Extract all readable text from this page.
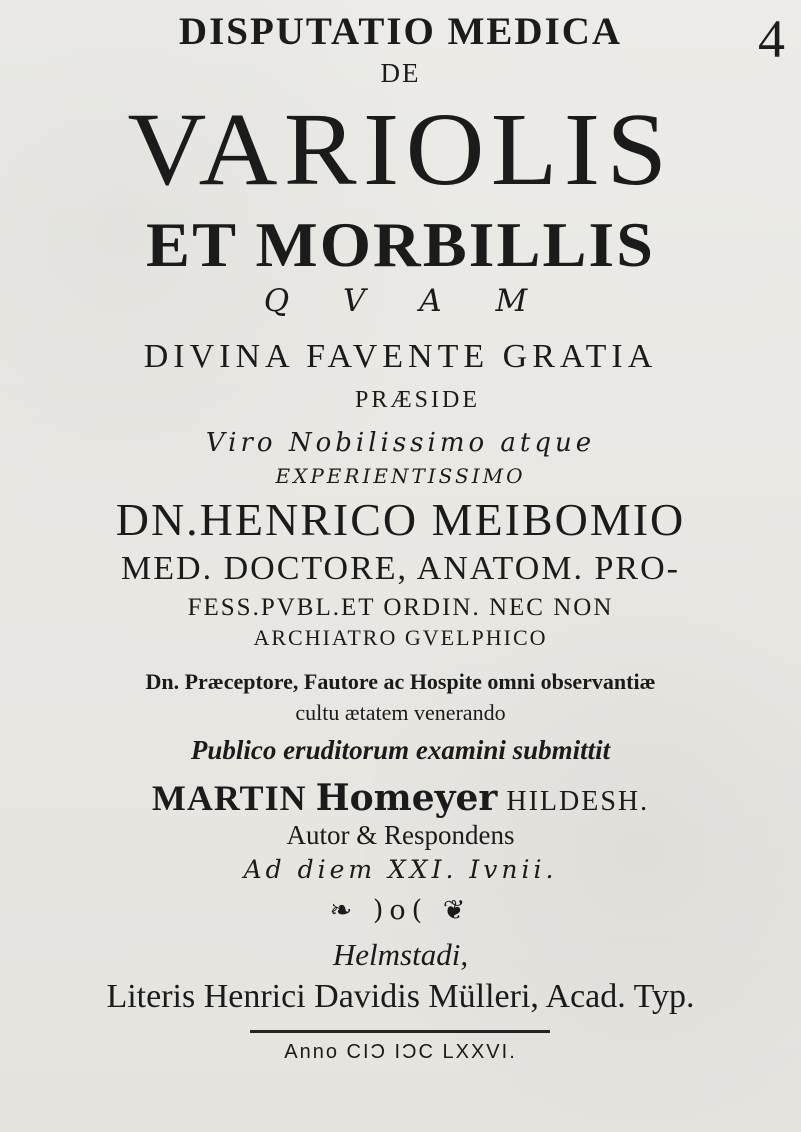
4
DISPUTATIO MEDICA
DE
VARIOLIS
ET MORBILLIS
Q V A M
DIVINA FAVENTE GRATIA
PRÆSIDE
Viro Nobilissimo atque
EXPERIENTISSIMO
DN.HENRICO MEIBOMIO
MED. DOCTORE, ANATOM. PRO-
FESS.PVBL.ET ORDIN. NEC NON
ARCHIATRO GVELPHICO
Dn. Præceptore, Fautore ac Hospite omni observantiæ
cultu ætatem venerando
Publico eruditorum examini submittit
MARTIN Homeyer HILDESH.
Autor & Respondens
Ad diem XXI. Ivnii.
❧ )o( ❦
Helmstadi,
Literis Henrici Davidis Mülleri, Acad. Typ.
Anno CIƆ IƆC LXXVI.
